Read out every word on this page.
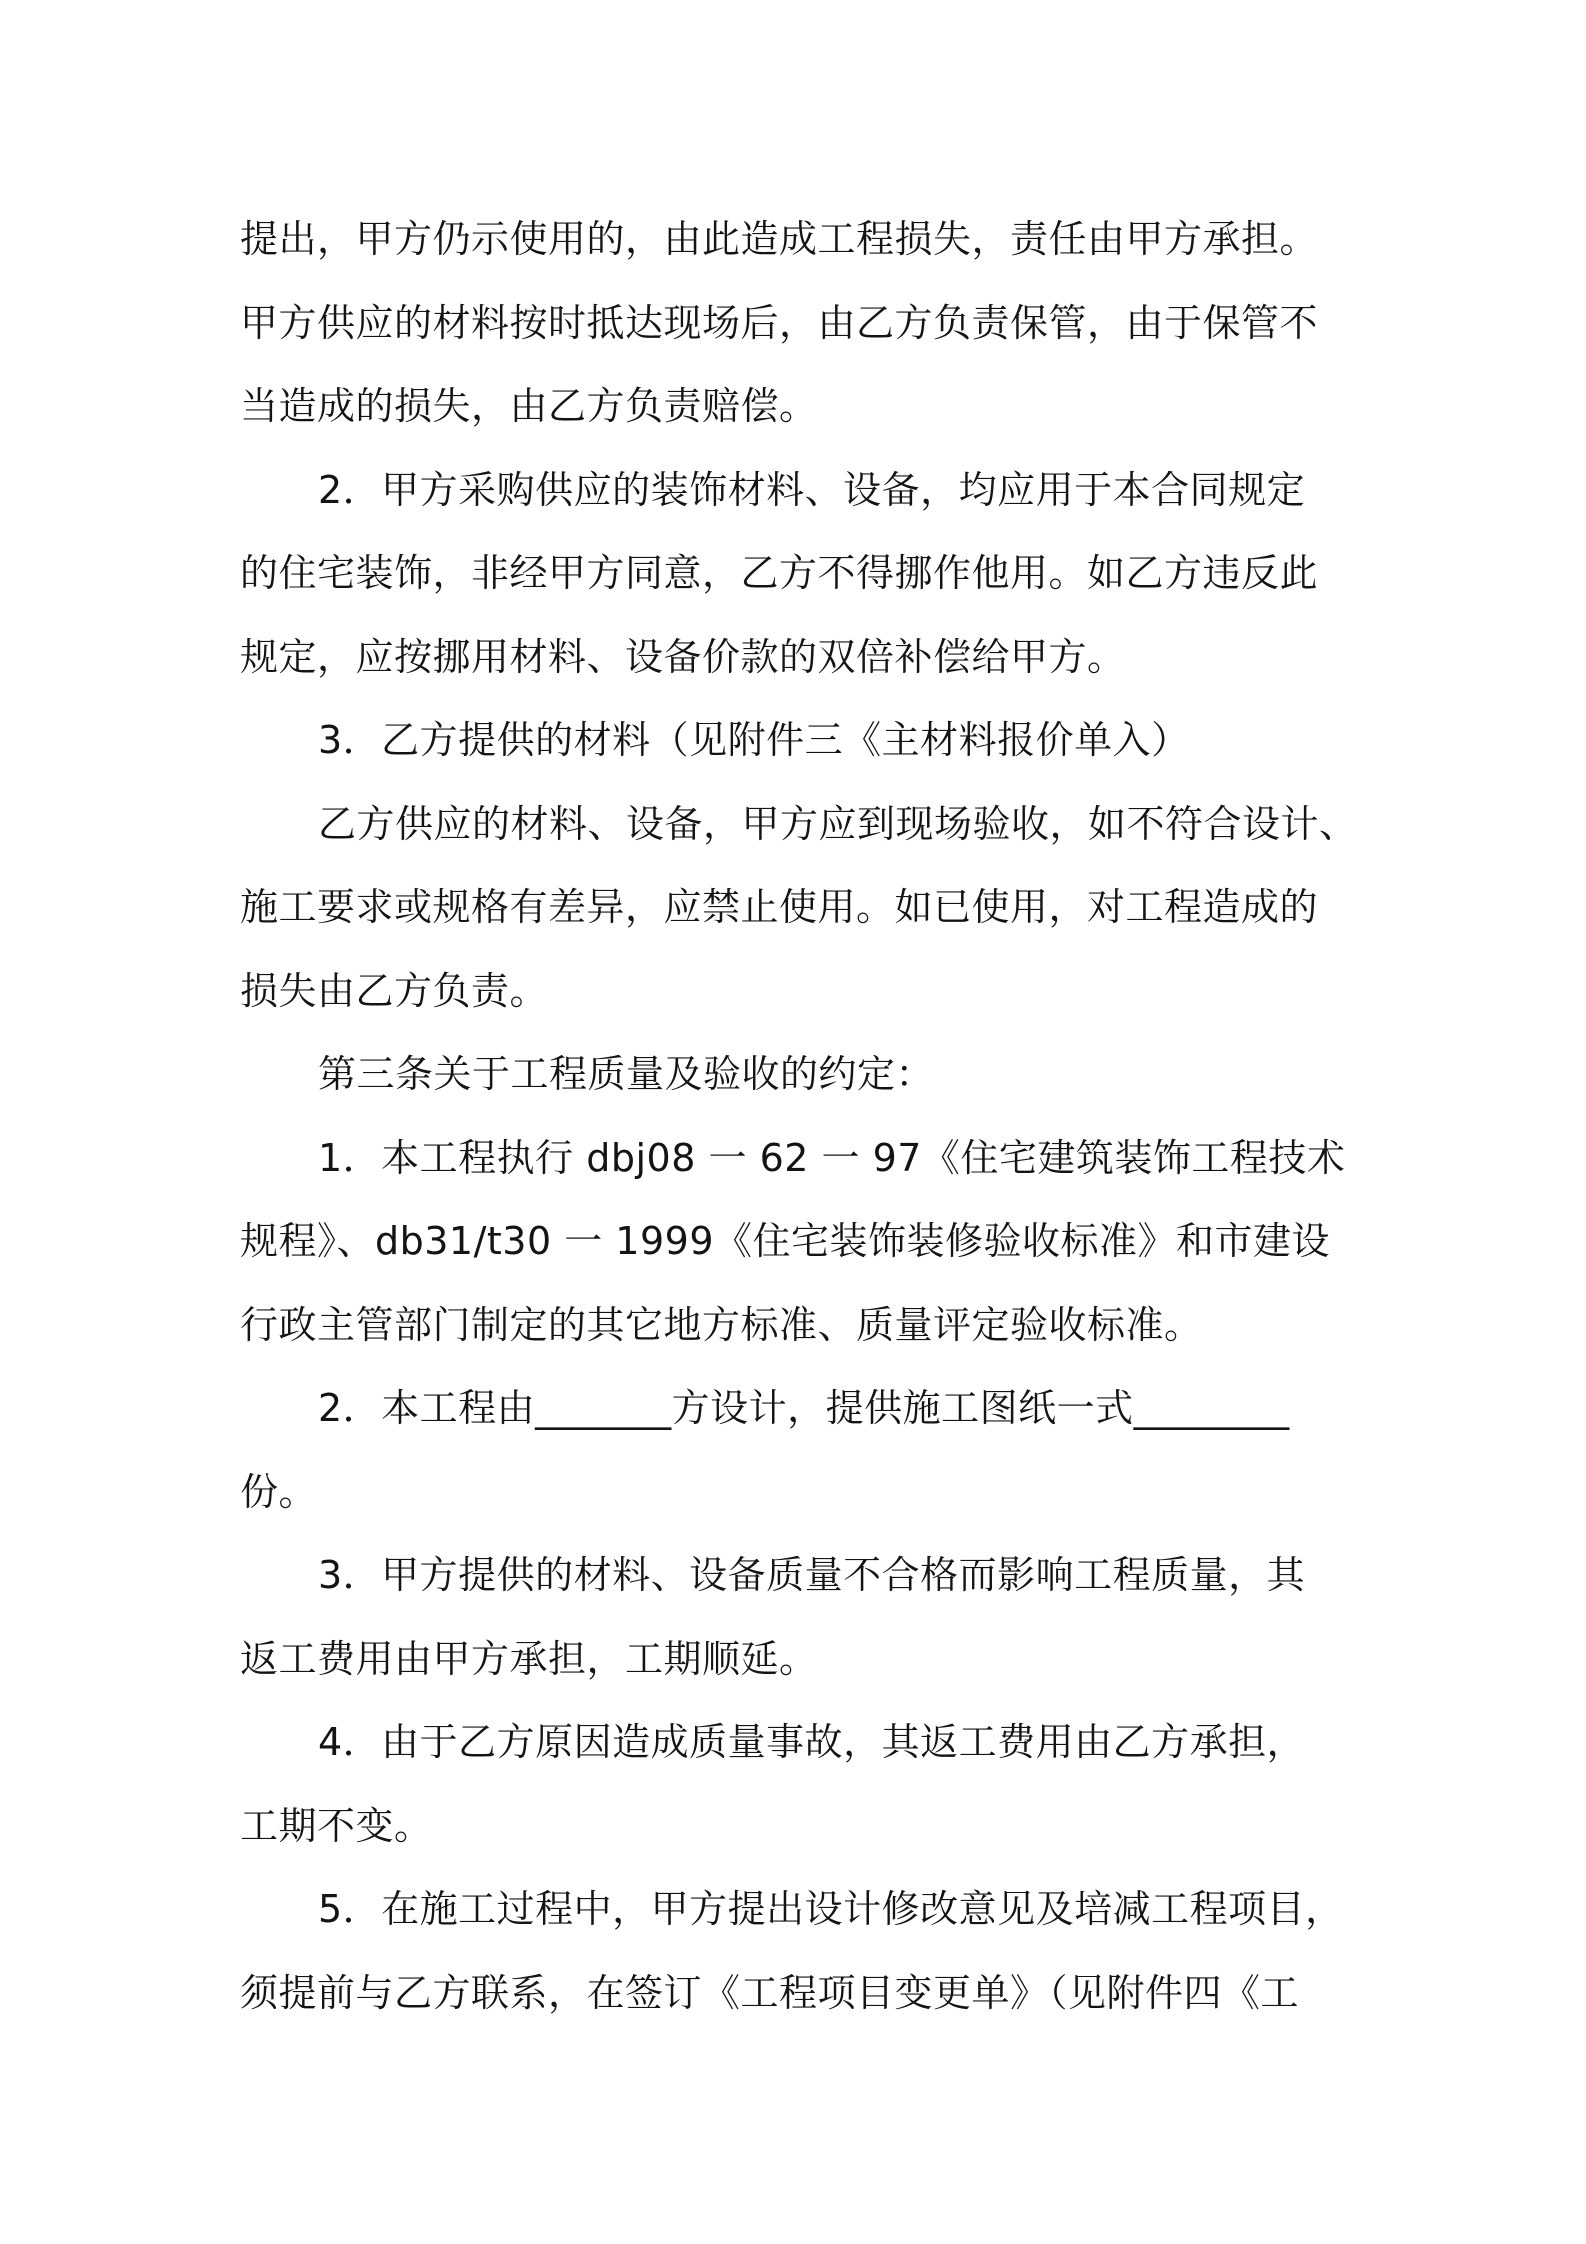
提出，甲方仍示使用的，由此造成工程损失，责任由甲方承担。
甲方供应的材料按时抵达现场后，由乙方负责保管，由于保管不
当造成的损失，由乙方负责赔偿。
2．甲方采购供应的装饰材料、设备，均应用于本合同规定
的住宅装饰，非经甲方同意，乙方不得挪作他用。如乙方违反此
规定，应按挪用材料、设备价款的双倍补偿给甲方。
3．乙方提供的材料（见附件三《主材料报价单入）
乙方供应的材料、设备，甲方应到现场验收，如不符合设计、
施工要求或规格有差异，应禁止使用。如已使用，对工程造成的
损失由乙方负责。
第三条关于工程质量及验收的约定：
1．本工程执行 dbj08 一 62 一 97《住宅建筑装饰工程技术
规程》、db31/t30 一 1999《住宅装饰装修验收标准》和市建设
行政主管部门制定的其它地方标准、质量评定验收标准。
2．本工程由_______方设计，提供施工图纸一式________
份。
3．甲方提供的材料、设备质量不合格而影响工程质量，其
返工费用由甲方承担，工期顺延。
4．由于乙方原因造成质量事故，其返工费用由乙方承担，
工期不变。
5．在施工过程中，甲方提出设计修改意见及培减工程项目，
须提前与乙方联系，在签订《工程项目变更单》（见附件四《工
